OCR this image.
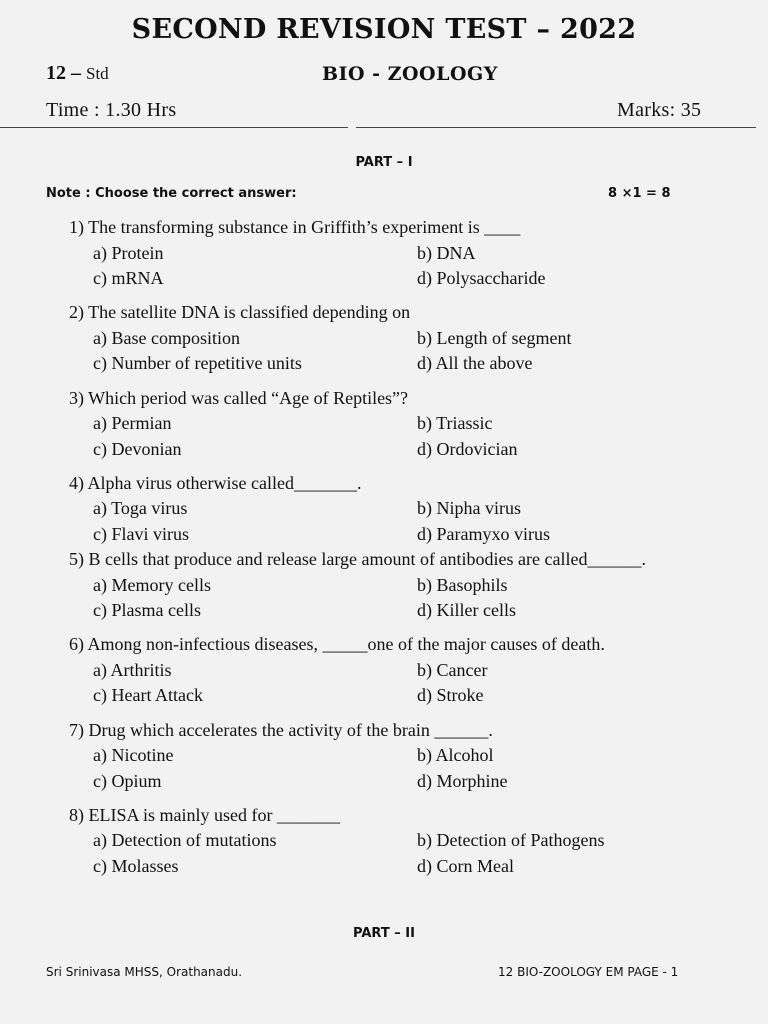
SECOND REVISION TEST – 2022
12 – Std	BIO - ZOOLOGY
Time : 1.30 Hrs	Marks: 35
PART – I
Note : Choose the correct answer:	8 ×1 = 8
1) The transforming substance in Griffith’s experiment is ____
a) Protein	b) DNA
c) mRNA	d) Polysaccharide
2) The satellite DNA is classified depending on
a) Base composition	b) Length of segment
c) Number of repetitive units	d) All the above
3) Which period was called “Age of Reptiles”?
a) Permian	b) Triassic
c) Devonian	d) Ordovician
4) Alpha virus otherwise called_______.
a) Toga virus	b) Nipha virus
c) Flavi virus	d) Paramyxo virus
5) B cells that produce and release large amount of antibodies are called______.
a) Memory cells	b) Basophils
c) Plasma cells	d) Killer cells
6) Among non-infectious diseases, _____one of the major causes of death.
a) Arthritis	b) Cancer
c) Heart Attack	d) Stroke
7) Drug which accelerates the activity of the brain ______.
a) Nicotine	b) Alcohol
c) Opium	d) Morphine
8) ELISA is mainly used for _______
a) Detection of mutations	b) Detection of Pathogens
c) Molasses	d) Corn Meal
PART – II
Sri Srinivasa MHSS, Orathanadu.	12 BIO-ZOOLOGY EM PAGE - 1
